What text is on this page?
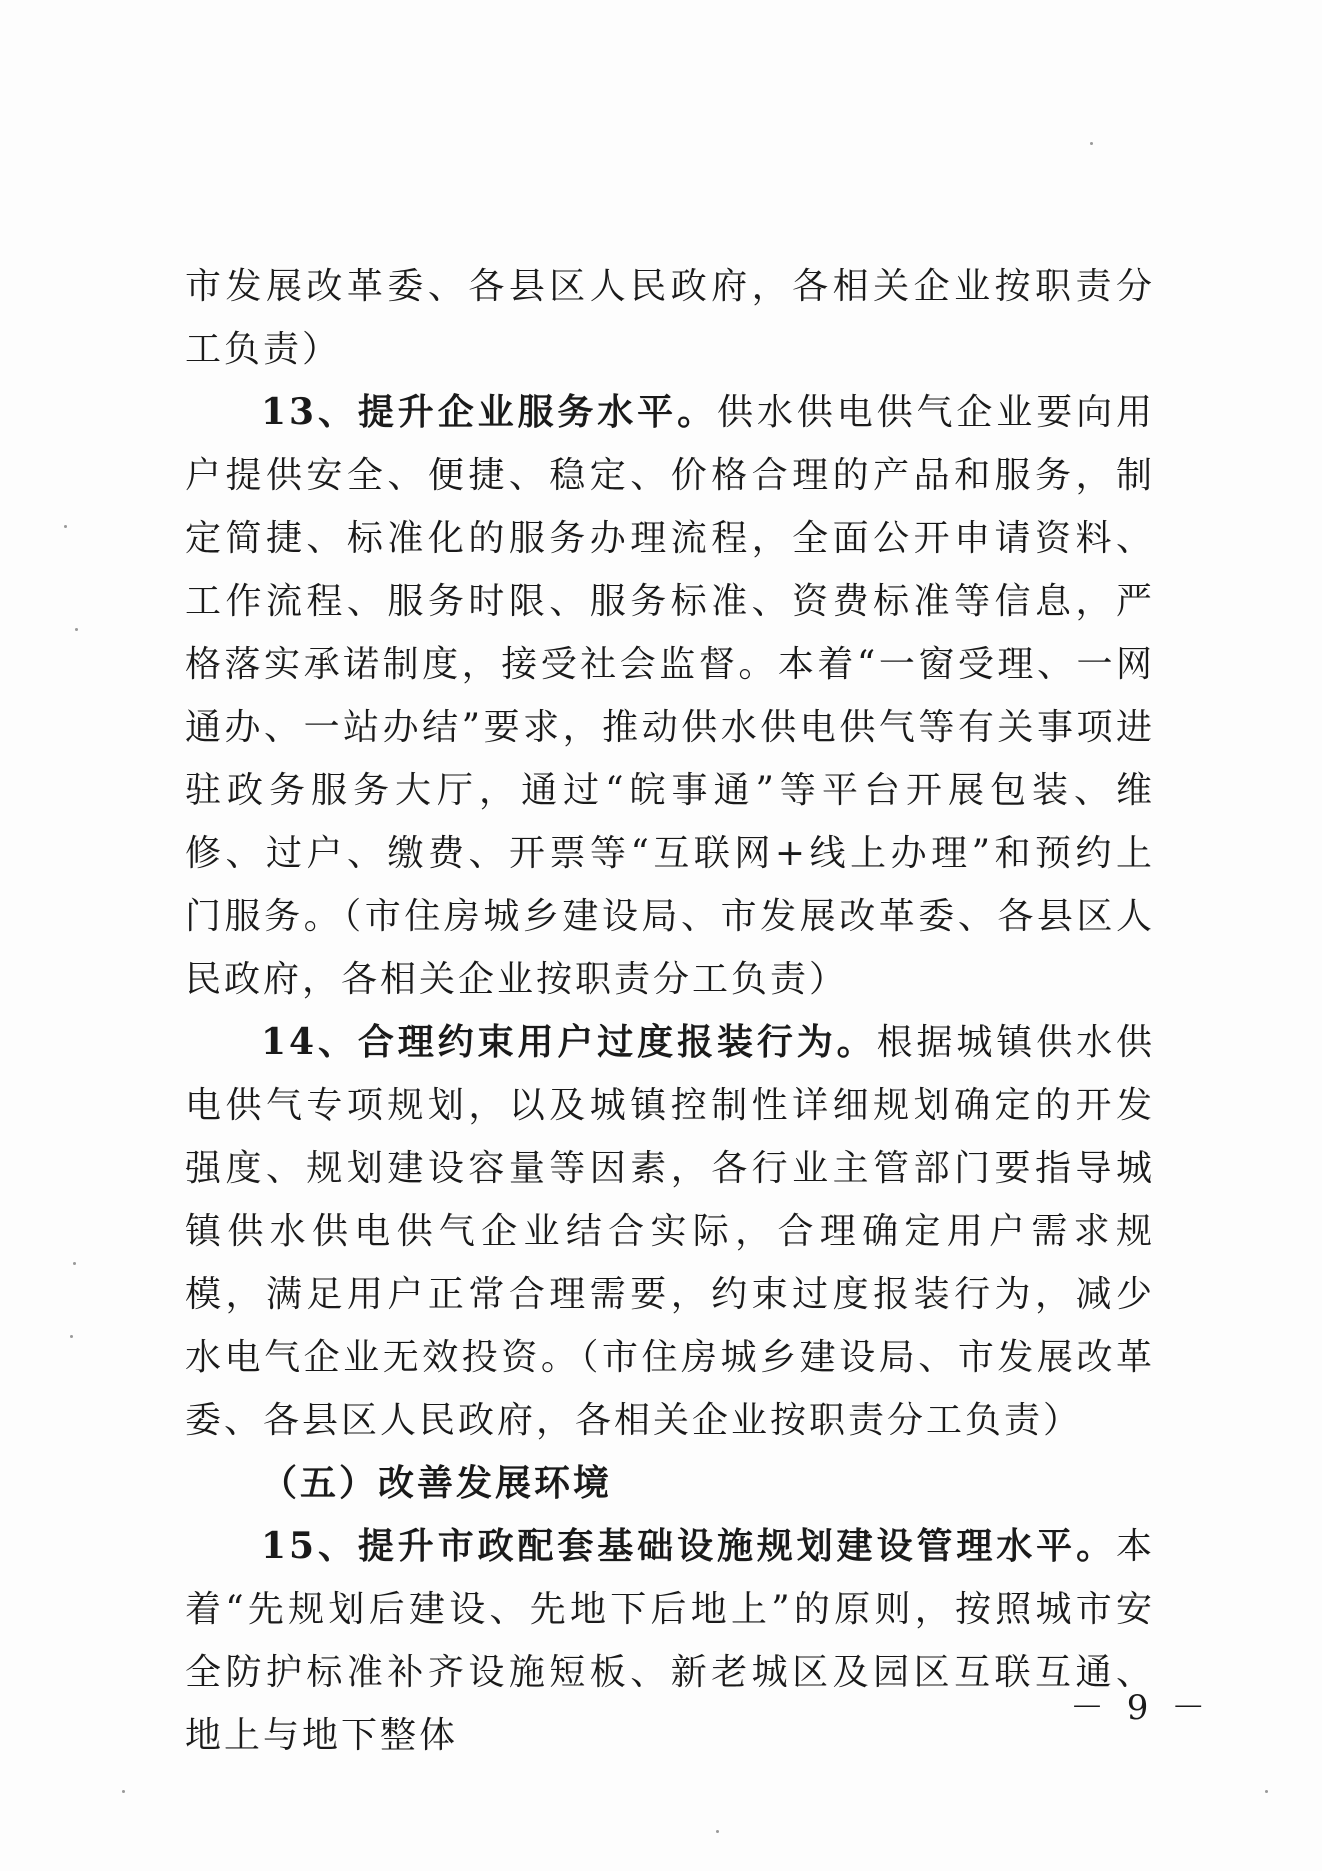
市发展改革委、各县区人民政府，各相关企业按职责分工负责）

13、提升企业服务水平。供水供电供气企业要向用户提供安全、便捷、稳定、价格合理的产品和服务，制定简捷、标准化的服务办理流程，全面公开申请资料、工作流程、服务时限、服务标准、资费标准等信息，严格落实承诺制度，接受社会监督。本着“一窗受理、一网通办、一站办结”要求，推动供水供电供气等有关事项进驻政务服务大厅，通过“皖事通”等平台开展包装、维修、过户、缴费、开票等“互联网+线上办理”和预约上门服务。（市住房城乡建设局、市发展改革委、各县区人民政府，各相关企业按职责分工负责）

14、合理约束用户过度报装行为。根据城镇供水供电供气专项规划，以及城镇控制性详细规划确定的开发强度、规划建设容量等因素，各行业主管部门要指导城镇供水供电供气企业结合实际，合理确定用户需求规模，满足用户正常合理需要，约束过度报装行为，减少水电气企业无效投资。（市住房城乡建设局、市发展改革委、各县区人民政府，各相关企业按职责分工负责）

（五）改善发展环境

15、提升市政配套基础设施规划建设管理水平。本着“先规划后建设、先地下后地上”的原则，按照城市安全防护标准补齐设施短板、新老城区及园区互联互通、地上与地下整体

－ 9 －
